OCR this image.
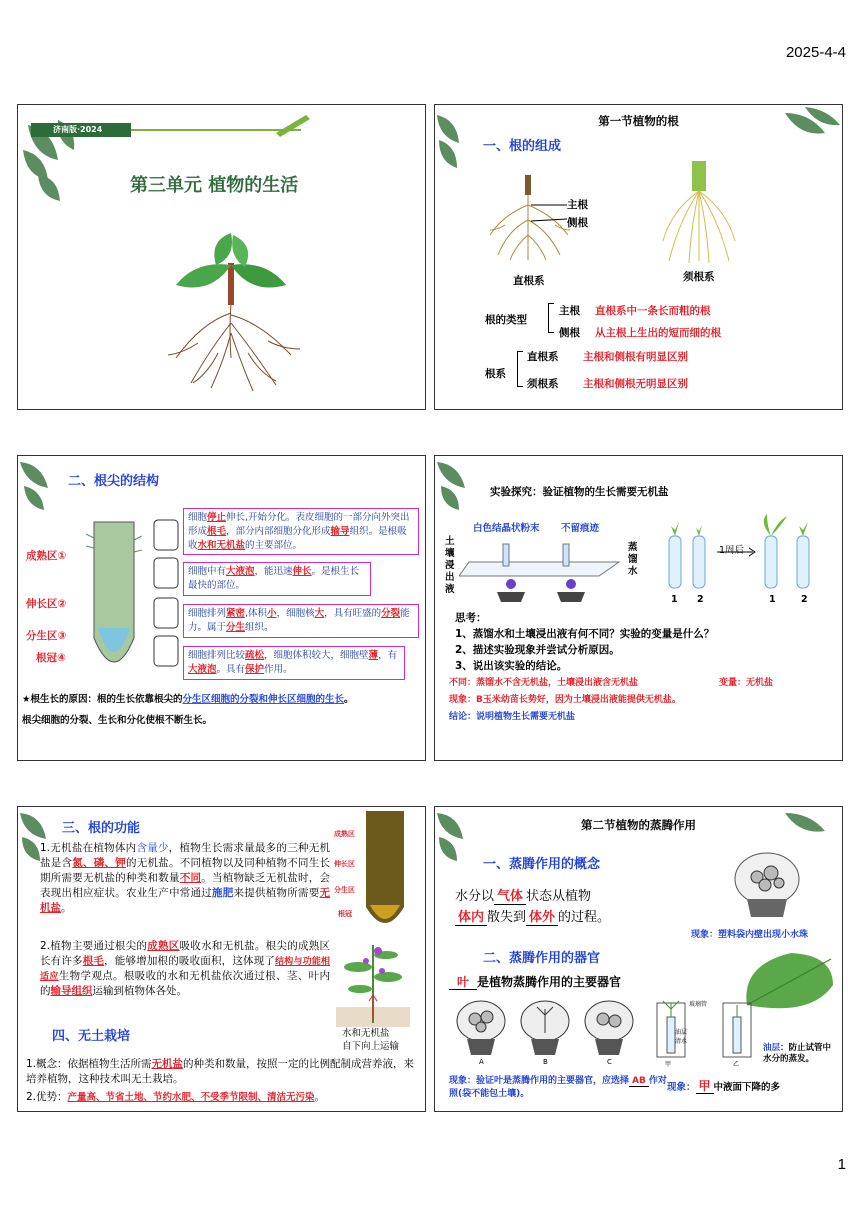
2025-4-4
济南版·2024
第三单元 植物的生活
第一节植物的根
一、根的组成
主根
侧根
直根系	须根系
根的类型
主根 直根系中一条长而粗的根
侧根 从主根上生出的短而细的根
根系
直根系 主根和侧根有明显区别
须根系 主根和侧根无明显区别
二、根尖的结构
成熟区①
伸长区②
分生区③
根冠④
细胞停止伸长,开始分化。表皮细胞的一部分向外突出形成根毛，部分内部细胞分化形成输导组织。是根吸收水和无机盐的主要部位。
细胞中有大液泡，能迅速伸长。是根生长最快的部位。
细胞排列紧密,体积小，细胞核大，具有旺盛的分裂能力。属于分生组织。
细胞排列比较疏松，细胞体积较大，细胞壁薄，有大液泡。具有保护作用。
★根生长的原因：根的生长依靠根尖的分生区细胞的分裂和伸长区细胞的生长。
根尖细胞的分裂、生长和分化使根不断生长。
实验探究：验证植物的生长需要无机盐
白色结晶状粉末 不留痕迹
土壤浸出液
蒸馏水
1周后
1 2	1	2
思考：
1、蒸馏水和土壤浸出液有何不同？实验的变量是什么？
2、描述实验现象并尝试分析原因。
3、说出该实验的结论。
不同：蒸馏水不含无机盐，土壤浸出液含无机盐	变量：无机盐
现象：B玉米幼苗长势好，因为土壤浸出液能提供无机盐。
结论：说明植物生长需要无机盐
三、根的功能
1.无机盐在植物体内含量少，植物生长需求量最多的三种无机盐是含氮、磷、钾的无机盐。不同植物以及同种植物不同生长期所需要无机盐的种类和数量不同。当植物缺乏无机盐时，会表现出相应症状。农业生产中常通过施肥来提供植物所需要无机盐。
2.植物主要通过根尖的成熟区吸收水和无机盐。根尖的成熟区长有许多根毛，能够增加根的吸收面积，这体现了结构与功能相适应生物学观点。根吸收的水和无机盐依次通过根、茎、叶内的输导组织运输到植物体各处。
成熟区
伸长区
分生区
根冠
水和无机盐
自下向上运输
四、无土栽培
1.概念：依据植物生活所需无机盐的种类和数量，按照一定的比例配制成营养液，来培养植物，这种技术叫无土栽培。
2.优势：产量高、节省土地、节约水肥、不受季节限制、清洁无污染。
第二节植物的蒸腾作用
一、蒸腾作用的概念
水分以 气体 状态从植物
体内 散失到 体外 的过程。
现象：塑料袋内壁出现小水珠
二、蒸腾作用的器官
叶 是植物蒸腾作用的主要器官
A	B	C
玻璃管
油层
清水
甲	乙
油层：防止试管中水分的蒸发。
现象：验证叶是蒸腾作用的主要器官，应选择 AB 作对照(袋不能包土壤)。
现象： 甲 中液面下降的多
1
